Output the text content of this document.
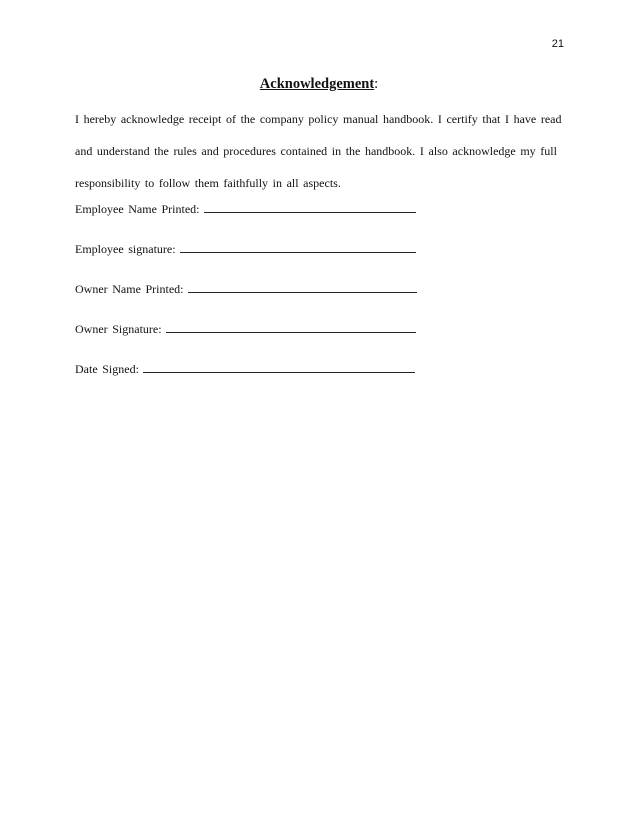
21
Acknowledgement:

I hereby acknowledge receipt of the company policy manual handbook. I certify that I have read
and understand the rules and procedures contained in the handbook. I also acknowledge my full
responsibility to follow them faithfully in all aspects.

Employee Name Printed:
Employee signature:
Owner Name Printed:
Owner Signature:
Date Signed:
